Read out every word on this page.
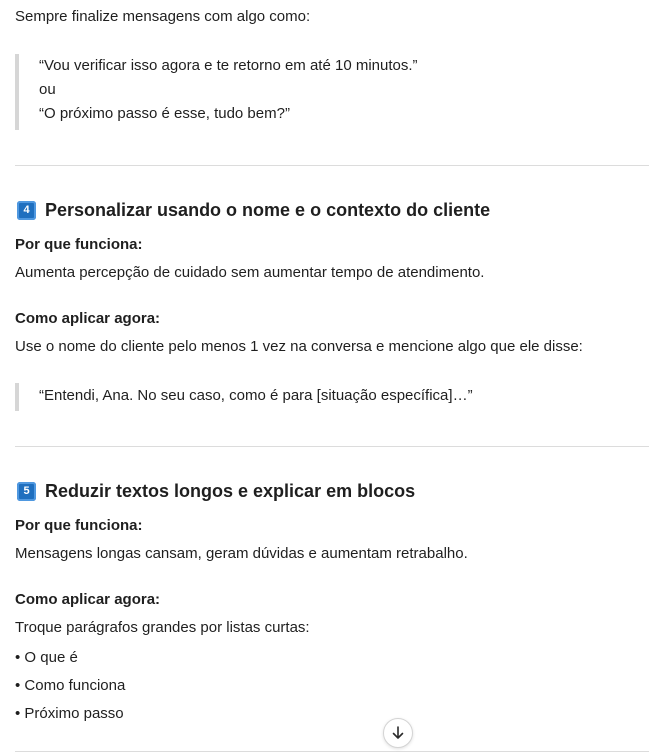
Sempre finalize mensagens com algo como:

“Vou verificar isso agora e te retorno em até 10 minutos.”
ou
“O próximo passo é esse, tudo bem?”
4 Personalizar usando o nome e o contexto do cliente

Por que funciona:

Aumenta percepção de cuidado sem aumentar tempo de atendimento.

Como aplicar agora:

Use o nome do cliente pelo menos 1 vez na conversa e mencione algo que ele disse:

“Entendi, Ana. No seu caso, como é para [situação específica]…”
5 Reduzir textos longos e explicar em blocos

Por que funciona:

Mensagens longas cansam, geram dúvidas e aumentam retrabalho.

Como aplicar agora:

Troque parágrafos grandes por listas curtas:

• O que é
• Como funciona
• Próximo passo
